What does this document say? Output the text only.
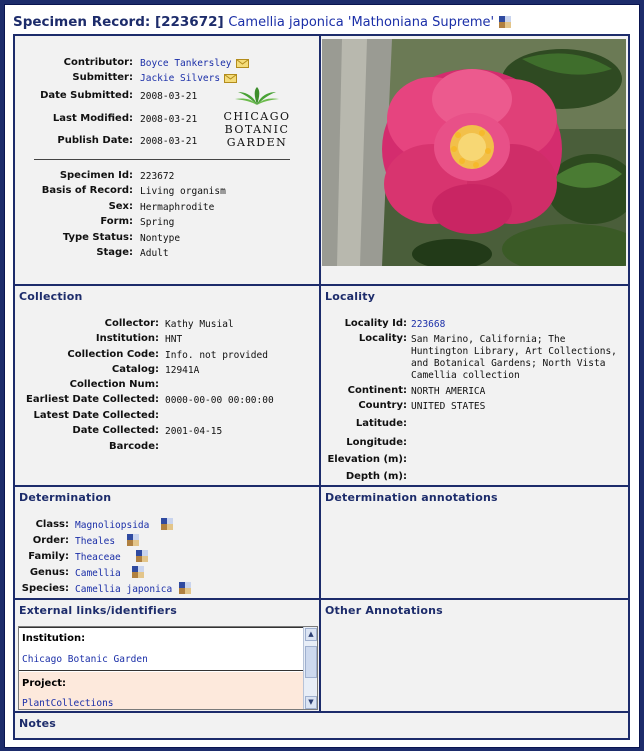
Specimen Record: [223672] Camellia japonica 'Mathoniana Supreme'
Contributor: Boyce Tankersley
Submitter: Jackie Silvers
Date Submitted: 2008-03-21
Last Modified: 2008-03-21
Publish Date: 2008-03-21
CHICAGO
BOTANIC
GARDEN
Specimen Id: 223672
Basis of Record: Living organism
Sex: Hermaphrodite
Form: Spring
Type Status: Nontype
Stage: Adult
Collection
Collector: Kathy Musial
Institution: HNT
Collection Code: Info. not provided
Catalog: 12941A
Collection Num:
Earliest Date Collected: 0000-00-00 00:00:00
Latest Date Collected:
Date Collected: 2001-04-15
Barcode:
Locality
Locality Id: 223668
Locality: San Marino, California; The Huntington Library, Art Collections, and Botanical Gardens; North Vista Camellia collection
Continent: NORTH AMERICA
Country: UNITED STATES
Latitude:
Longitude:
Elevation (m):
Depth (m):
Determination
Class: Magnoliopsida
Order: Theales
Family: Theaceae
Genus: Camellia
Species: Camellia japonica
Determination annotations
External links/identifiers
Institution:
Chicago Botanic Garden
Project:
PlantCollections
▲
▼
Other Annotations
Notes
